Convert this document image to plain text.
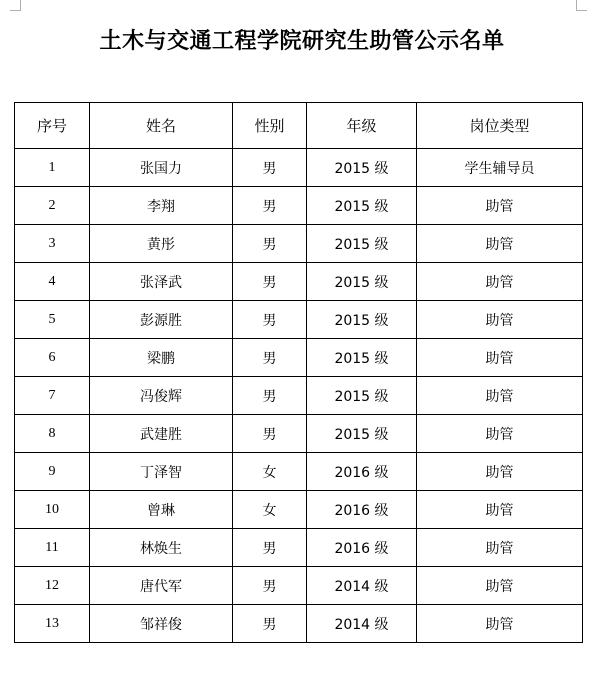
土木与交通工程学院研究生助管公示名单
序号	姓名	性别	年级	岗位类型
1	张国力	男	2015 级	学生辅导员
2	李翔	男	2015 级	助管
3	黄彤	男	2015 级	助管
4	张泽武	男	2015 级	助管
5	彭源胜	男	2015 级	助管
6	梁鹏	男	2015 级	助管
7	冯俊辉	男	2015 级	助管
8	武建胜	男	2015 级	助管
9	丁泽智	女	2016 级	助管
10	曾琳	女	2016 级	助管
11	林焕生	男	2016 级	助管
12	唐代军	男	2014 级	助管
13	邹祥俊	男	2014 级	助管
